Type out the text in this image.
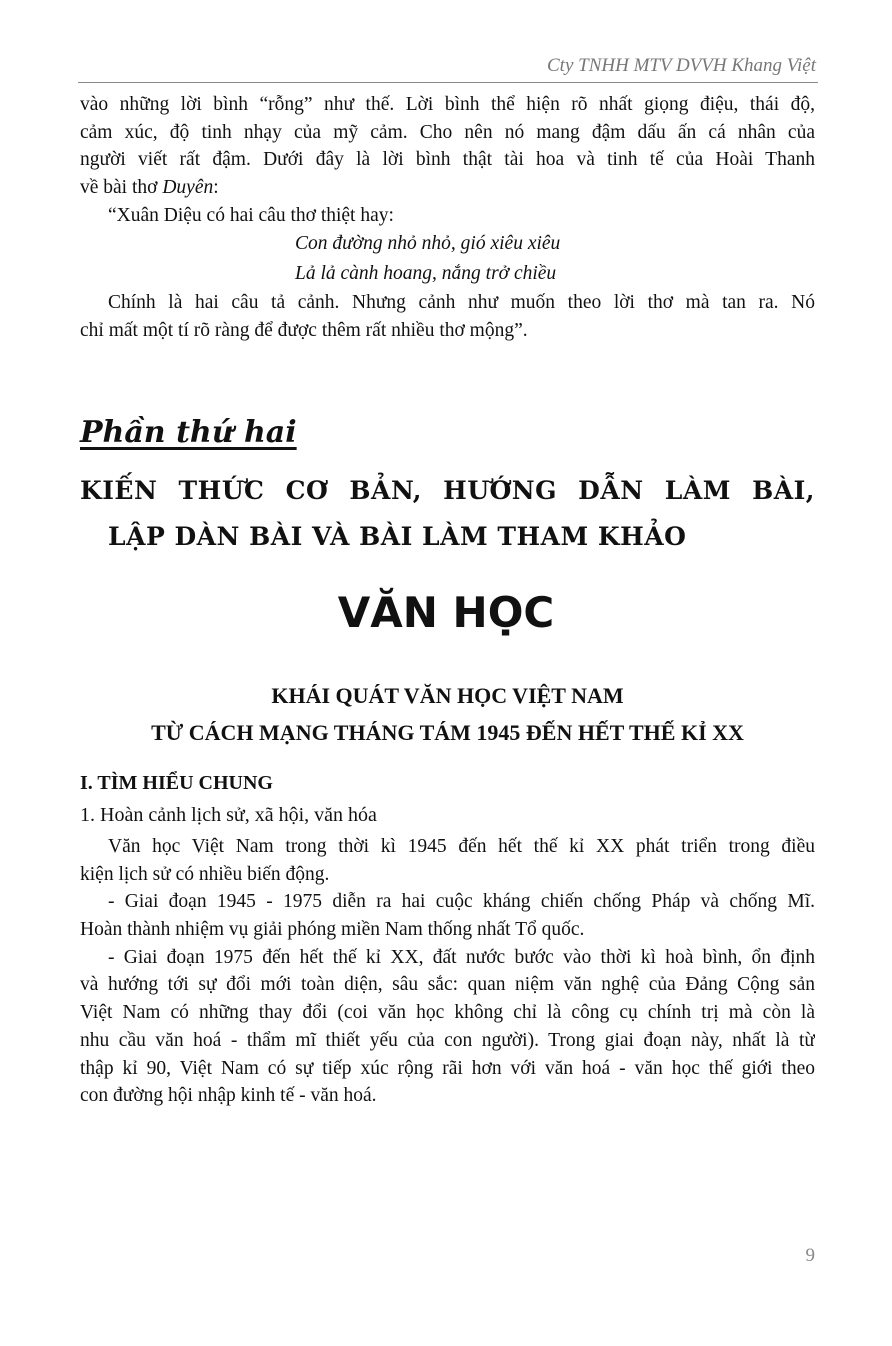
Cty TNHH MTV DVVH Khang Việt
vào những lời bình “rỗng” như thế. Lời bình thể hiện rõ nhất giọng điệu, thái độ,
cảm xúc, độ tinh nhạy của mỹ cảm. Cho nên nó mang đậm dấu ấn cá nhân của
người viết rất đậm. Dưới đây là lời bình thật tài hoa và tinh tế của Hoài Thanh
về bài thơ Duyên:
“Xuân Diệu có hai câu thơ thiệt hay:
Con đường nhỏ nhỏ, gió xiêu xiêu
Lả lả cành hoang, nắng trở chiều
Chính là hai câu tả cảnh. Nhưng cảnh như muốn theo lời thơ mà tan ra. Nó
chỉ mất một tí rõ ràng để được thêm rất nhiều thơ mộng”.
Phần thứ hai
KIẾN THỨC CƠ BẢN, HƯỚNG DẪN LÀM BÀI,
LẬP DÀN BÀI VÀ BÀI LÀM THAM KHẢO
VĂN HỌC
KHÁI QUÁT VĂN HỌC VIỆT NAM
TỪ CÁCH MẠNG THÁNG TÁM 1945 ĐẾN HẾT THẾ KỈ XX
I. TÌM HIỂU CHUNG
1. Hoàn cảnh lịch sử, xã hội, văn hóa
Văn học Việt Nam trong thời kì 1945 đến hết thế kỉ XX phát triển trong điều
kiện lịch sử có nhiều biến động.
- Giai đoạn 1945 - 1975 diễn ra hai cuộc kháng chiến chống Pháp và chống Mĩ.
Hoàn thành nhiệm vụ giải phóng miền Nam thống nhất Tổ quốc.
- Giai đoạn 1975 đến hết thế kỉ XX, đất nước bước vào thời kì hoà bình, ổn định
và hướng tới sự đổi mới toàn diện, sâu sắc: quan niệm văn nghệ của Đảng Cộng sản
Việt Nam có những thay đổi (coi văn học không chỉ là công cụ chính trị mà còn là
nhu cầu văn hoá - thẩm mĩ thiết yếu của con người). Trong giai đoạn này, nhất là từ
thập kỉ 90, Việt Nam có sự tiếp xúc rộng rãi hơn với văn hoá - văn học thế giới theo
con đường hội nhập kinh tế - văn hoá.
9
